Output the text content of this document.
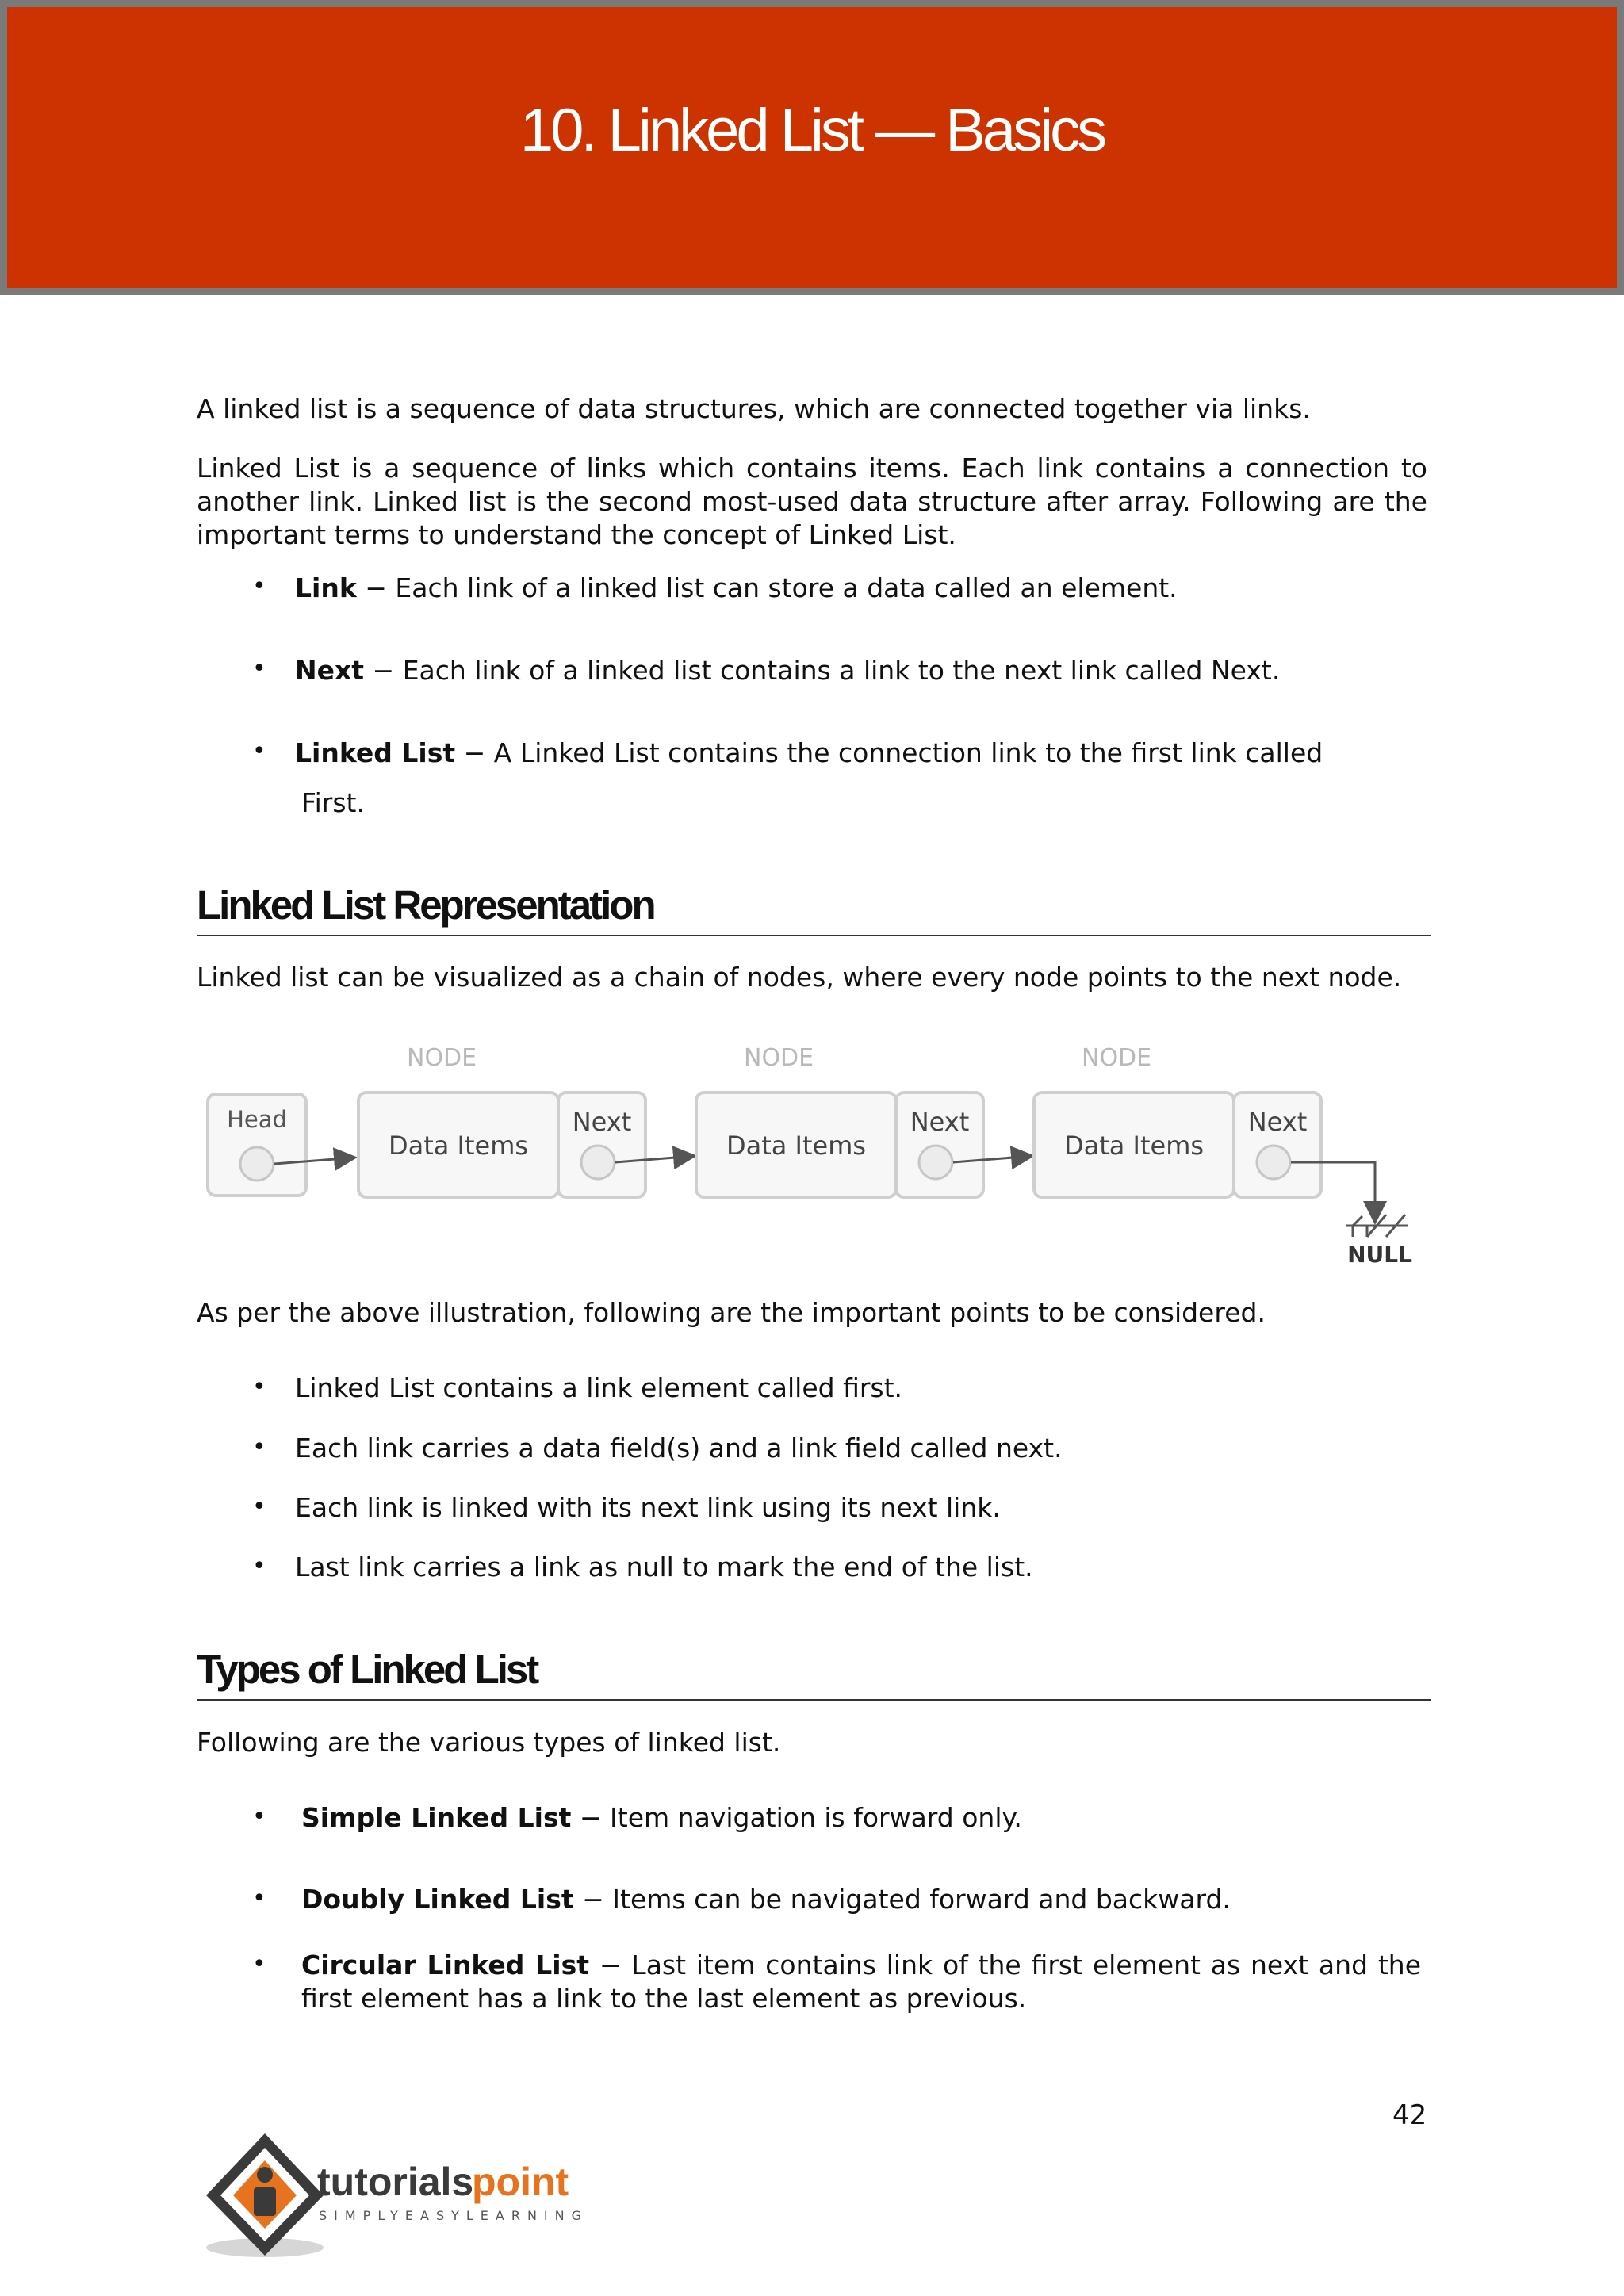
10. Linked List — Basics

A linked list is a sequence of data structures, which are connected together via links.

Linked List is a sequence of links which contains items. Each link contains a connection to another link. Linked list is the second most-used data structure after array. Following are the important terms to understand the concept of Linked List.

• Link − Each link of a linked list can store a data called an element.
• Next − Each link of a linked list contains a link to the next link called Next.
• Linked List − A Linked List contains the connection link to the first link called
First.
Linked List Representation

Linked list can be visualized as a chain of nodes, where every node points to the next node.

Head
NODE
Data Items
Next
NODE
Data Items
Next
NODE
Data Items
Next
NULL

As per the above illustration, following are the important points to be considered.

• Linked List contains a link element called first.
• Each link carries a data field(s) and a link field called next.
• Each link is linked with its next link using its next link.
• Last link carries a link as null to mark the end of the list.
Types of Linked List

Following are the various types of linked list.

• Simple Linked List − Item navigation is forward only.
• Doubly Linked List − Items can be navigated forward and backward.
• Circular Linked List − Last item contains link of the first element as next and the first element has a link to the last element as previous.
42
tutorials
point
SIMPLYEASYLEARNING
